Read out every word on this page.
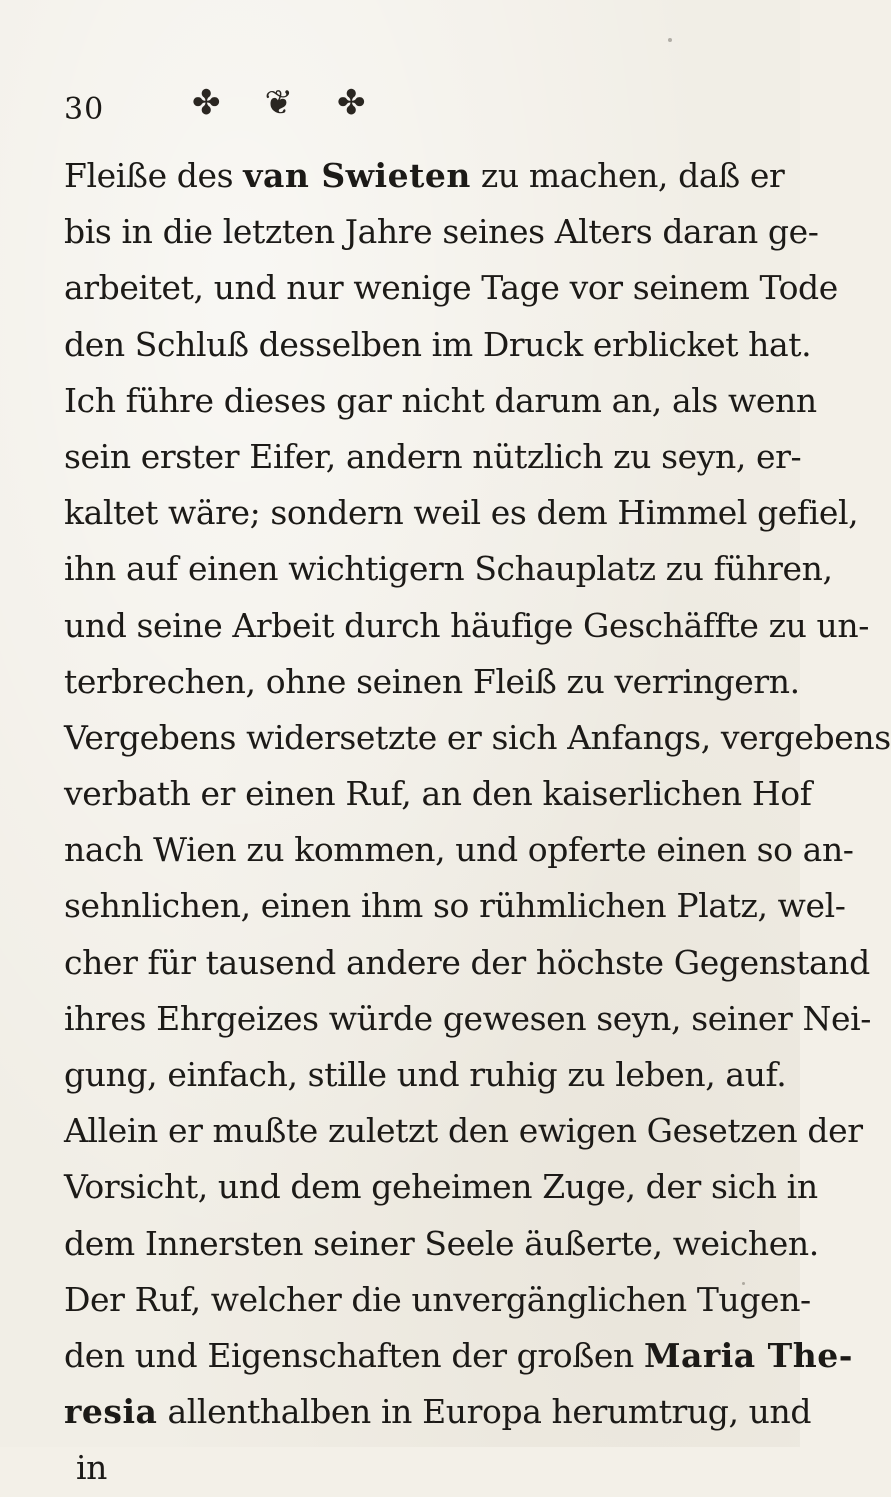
30	✤ ❦ ✤
Fleiße des van Swieten zu machen, daß er
bis in die letzten Jahre seines Alters daran ge-
arbeitet, und nur wenige Tage vor seinem Tode
den Schluß desselben im Druck erblicket hat.
Ich führe dieses gar nicht darum an, als wenn
sein erster Eifer, andern nützlich zu seyn, er-
kaltet wäre; sondern weil es dem Himmel gefiel,
ihn auf einen wichtigern Schauplatz zu führen,
und seine Arbeit durch häufige Geschäffte zu un-
terbrechen, ohne seinen Fleiß zu verringern.
Vergebens widersetzte er sich Anfangs, vergebens
verbath er einen Ruf, an den kaiserlichen Hof
nach Wien zu kommen, und opferte einen so an-
sehnlichen, einen ihm so rühmlichen Platz, wel-
cher für tausend andere der höchste Gegenstand
ihres Ehrgeizes würde gewesen seyn, seiner Nei-
gung, einfach, stille und ruhig zu leben, auf.
Allein er mußte zuletzt den ewigen Gesetzen der
Vorsicht, und dem geheimen Zuge, der sich in
dem Innersten seiner Seele äußerte, weichen.
Der Ruf, welcher die unvergänglichen Tugen-
den und Eigenschaften der großen Maria The-
resia allenthalben in Europa herumtrug, und
in
